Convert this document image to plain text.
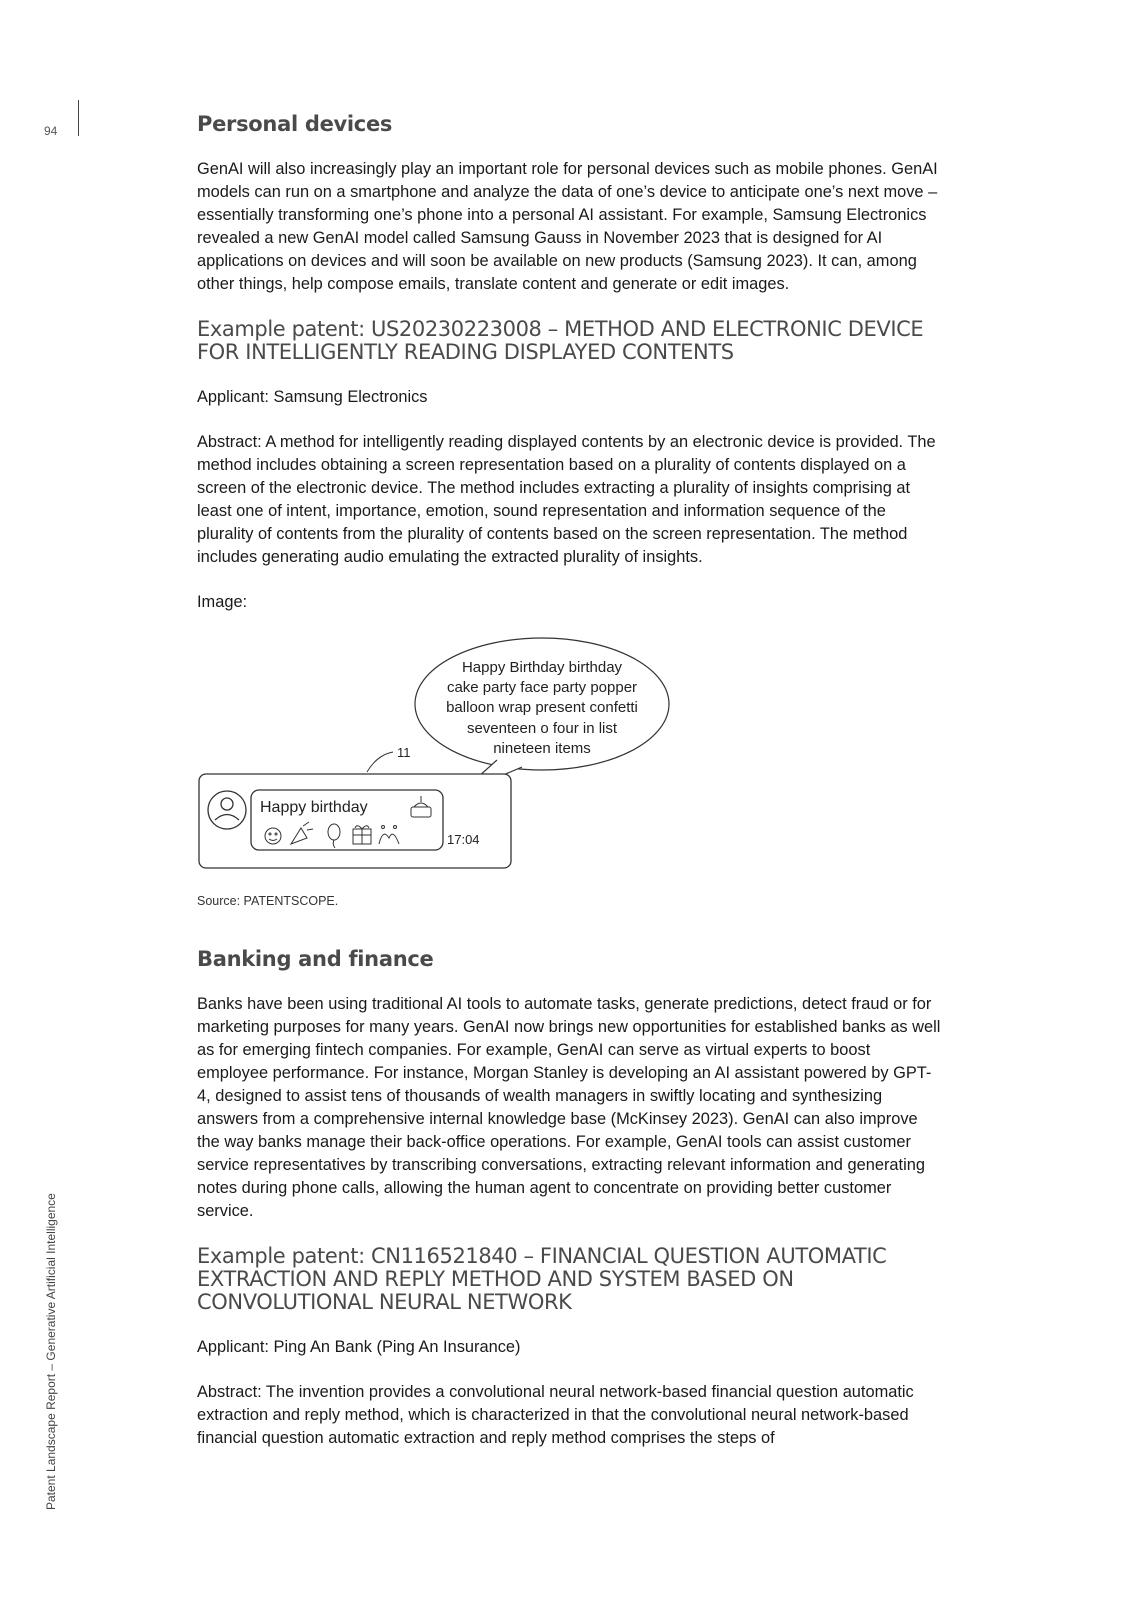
94
Patent Landscape Report – Generative Artificial Intelligence
Personal devices

GenAI will also increasingly play an important role for personal devices such as mobile phones. GenAI models can run on a smartphone and analyze the data of one’s device to anticipate one’s next move – essentially transforming one’s phone into a personal AI assistant. For example, Samsung Electronics revealed a new GenAI model called Samsung Gauss in November 2023 that is designed for AI applications on devices and will soon be available on new products (Samsung 2023). It can, among other things, help compose emails, translate content and generate or edit images.

Example patent: US20230223008 – METHOD AND ELECTRONIC DEVICE FOR INTELLIGENTLY READING DISPLAYED CONTENTS

Applicant: Samsung Electronics

Abstract: A method for intelligently reading displayed contents by an electronic device is provided. The method includes obtaining a screen representation based on a plurality of contents displayed on a screen of the electronic device. The method includes extracting a plurality of insights comprising at least one of intent, importance, emotion, sound representation and information sequence of the plurality of contents from the plurality of contents based on the screen representation. The method includes generating audio emulating the extracted plurality of insights.

Image:

Happy Birthday birthday
cake party face party popper
balloon wrap present confetti
seventeen o four in list
nineteen items
11
Happy birthday
17:04

Source: PATENTSCOPE.

Banking and finance

Banks have been using traditional AI tools to automate tasks, generate predictions, detect fraud or for marketing purposes for many years. GenAI now brings new opportunities for established banks as well as for emerging fintech companies. For example, GenAI can serve as virtual experts to boost employee performance. For instance, Morgan Stanley is developing an AI assistant powered by GPT-4, designed to assist tens of thousands of wealth managers in swiftly locating and synthesizing answers from a comprehensive internal knowledge base (McKinsey 2023). GenAI can also improve the way banks manage their back-office operations. For example, GenAI tools can assist customer service representatives by transcribing conversations, extracting relevant information and generating notes during phone calls, allowing the human agent to concentrate on providing better customer service.

Example patent: CN116521840 – FINANCIAL QUESTION AUTOMATIC EXTRACTION AND REPLY METHOD AND SYSTEM BASED ON CONVOLUTIONAL NEURAL NETWORK

Applicant: Ping An Bank (Ping An Insurance)

Abstract: The invention provides a convolutional neural network-based financial question automatic extraction and reply method, which is characterized in that the convolutional neural network-based financial question automatic extraction and reply method comprises the steps of
